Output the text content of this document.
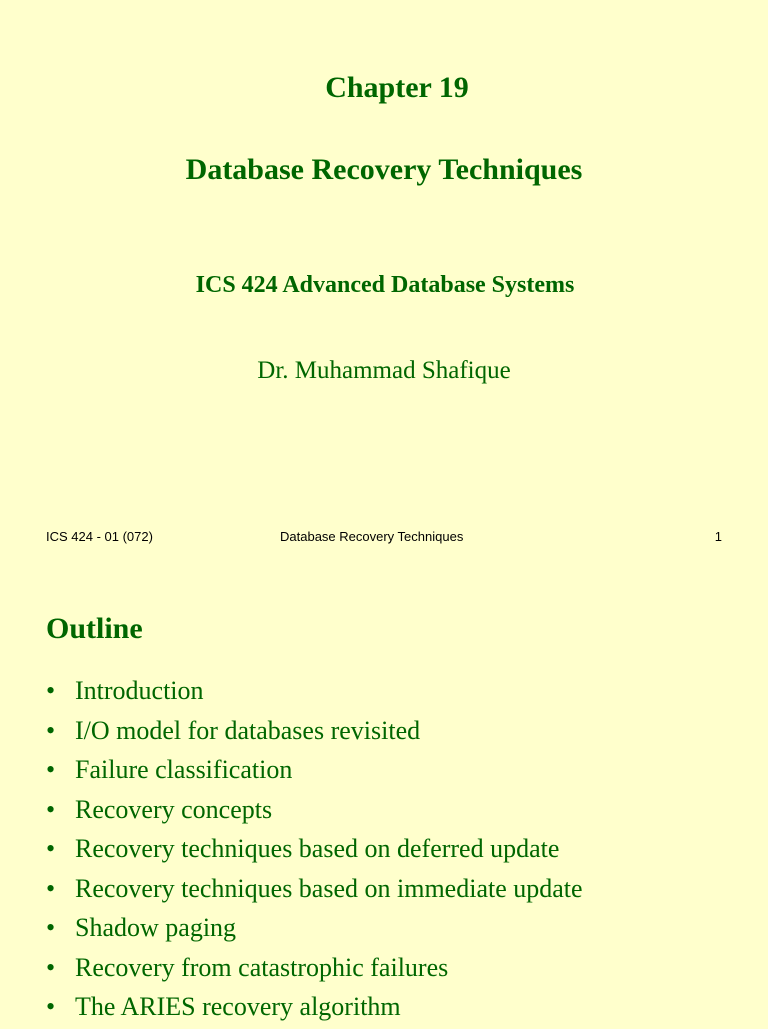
Chapter 19
Database Recovery Techniques
ICS 424 Advanced Database Systems
Dr. Muhammad Shafique
ICS 424 - 01 (072)	Database Recovery Techniques	1
Outline
• Introduction
• I/O model for databases revisited
• Failure classification
• Recovery concepts
• Recovery techniques based on deferred update
• Recovery techniques based on immediate update
• Shadow paging
• Recovery from catastrophic failures
• The ARIES recovery algorithm
